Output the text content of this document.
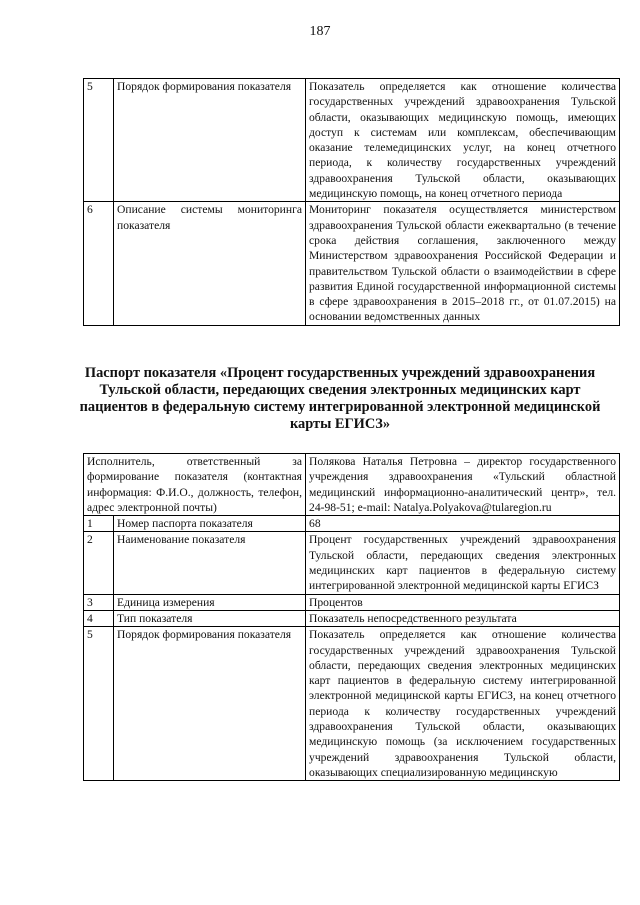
187
5	Порядок формирования показателя	Показатель определяется как отношение количества государственных учреждений здравоохранения Тульской области, оказывающих медицинскую помощь, имеющих доступ к системам или комплексам, обеспечивающим оказание телемедицинских услуг, на конец отчетного периода, к количеству государственных учреждений здравоохранения Тульской области, оказывающих медицинскую помощь, на конец отчетного периода
6	Описание системы мониторинга показателя	Мониторинг показателя осуществляется министерством здравоохранения Тульской области ежеквартально (в течение срока действия соглашения, заключенного между Министерством здравоохранения Российской Федерации и правительством Тульской области о взаимодействии в сфере развития Единой государственной информационной системы в сфере здравоохранения в 2015–2018 гг., от 01.07.2015) на основании ведомственных данных
Паспорт показателя «Процент государственных учреждений здравоохранения Тульской области, передающих сведения электронных медицинских карт пациентов в федеральную систему интегрированной электронной медицинской карты ЕГИСЗ»
Исполнитель, ответственный за формирование показателя (контактная информация: Ф.И.О., должность, телефон, адрес электронной почты)		Полякова Наталья Петровна – директор государственного учреждения здравоохранения «Тульский областной медицинский информационно-аналитический центр», тел. 24-98-51; e-mail: Natalya.Polyakova@tularegion.ru
1	Номер паспорта показателя	68
2	Наименование показателя	Процент государственных учреждений здравоохранения Тульской области, передающих сведения электронных медицинских карт пациентов в федеральную систему интегрированной электронной медицинской карты ЕГИСЗ
3	Единица измерения	Процентов
4	Тип показателя	Показатель непосредственного результата
5	Порядок формирования показателя	Показатель определяется как отношение количества государственных учреждений здравоохранения Тульской области, передающих сведения электронных медицинских карт пациентов в федеральную систему интегрированной электронной медицинской карты ЕГИСЗ, на конец отчетного периода к количеству государственных учреждений здравоохранения Тульской области, оказывающих медицинскую помощь (за исключением государственных учреждений здравоохранения Тульской области, оказывающих специализированную медицинскую
